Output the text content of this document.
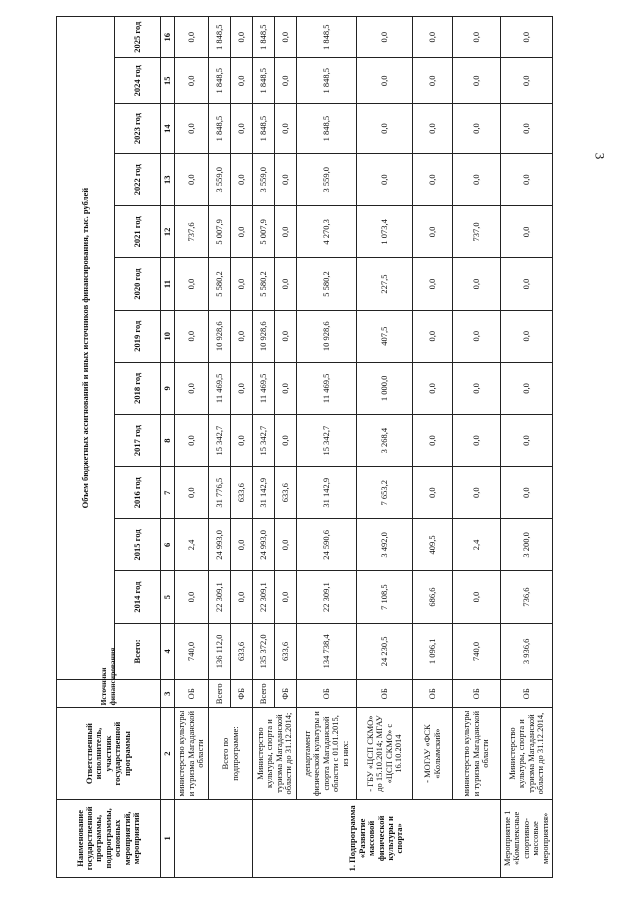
3
Наименование государственной программы, подпрограммы, основных мероприятий, мероприятий	Ответственный исполнитель, участник государственной программы	Источники финансирования	Объем бюджетных ассигнований и иных источников финансирования, тыс. рублей												
			Всего:	2014 год	2015 год	2016 год	2017 год	2018 год	2019 год	2020 год	2021 год	2022 год	2023 год	2024 год	2025 год
1	2	3	4	5	6	7	8	9	10	11	12	13	14	15	16
	министерство культуры и туризма Магаданской области	ОБ	740,0	0,0	2,4	0,0	0,0	0,0	0,0	0,0	737,6	0,0	0,0	0,0	0,0
	Всего по подпрограмме:	Всего	136 112,0	22 309,1	24 993,0	31 776,5	15 342,7	11 469,5	10 928,6	5 580,2	5 007,9	3 559,0	1 848,5	1 848,5	1 848,5
		ФБ	633,6	0,0	0,0	633,6	0,0	0,0	0,0	0,0	0,0	0,0	0,0	0,0	0,0
1. Подпрограмма «Развитие массовой физической культуры и спорта»	Министерство культуры, спорта и туризма Магаданской области до 31.12.2014;	Всего	135 372,0	22 309,1	24 993,0	31 142,9	15 342,7	11 469,5	10 928,6	5 580,2	5 007,9	3 559,0	1 848,5	1 848,5	1 848,5
		ФБ	633,6	0,0	0,0	633,6	0,0	0,0	0,0	0,0	0,0	0,0	0,0	0,0	0,0
	департамент физической культуры и спорта Магаданской области с 01.01.2015, из них:	ОБ	134 738,4	22 309,1	24 590,6	31 142,9	15 342,7	11 469,5	10 928,6	5 580,2	4 270,3	3 559,0	1 848,5	1 848,5	1 848,5
	- ГБУ «ЦСП СКМО» до 15.10.2014; МГАУ «ЦСП СКМО» с 16.10.2014	ОБ	24 230,5	7 108,5	3 492,0	7 653,2	3 268,4	1 000,0	407,5	227,5	1 073,4	0,0	0,0	0,0	0,0
	- МОГАУ «ФСК «Колымский»	ОБ	1 096,1	686,6	409,5	0,0	0,0	0,0	0,0	0,0	0,0	0,0	0,0	0,0	0,0
	министерство культуры и туризма Магаданской области	ОБ	740,0	0,0	2,4	0,0	0,0	0,0	0,0	0,0	737,0	0,0	0,0	0,0	0,0
Мероприятие 1 «Комплексные спортивно-массовые мероприятия»	Министерство культуры, спорта и туризма Магаданской области до 31.12.2014,	ОБ	3 936,6	736,6	3 200,0	0,0	0,0	0,0	0,0	0,0	0,0	0,0	0,0	0,0	0,0
